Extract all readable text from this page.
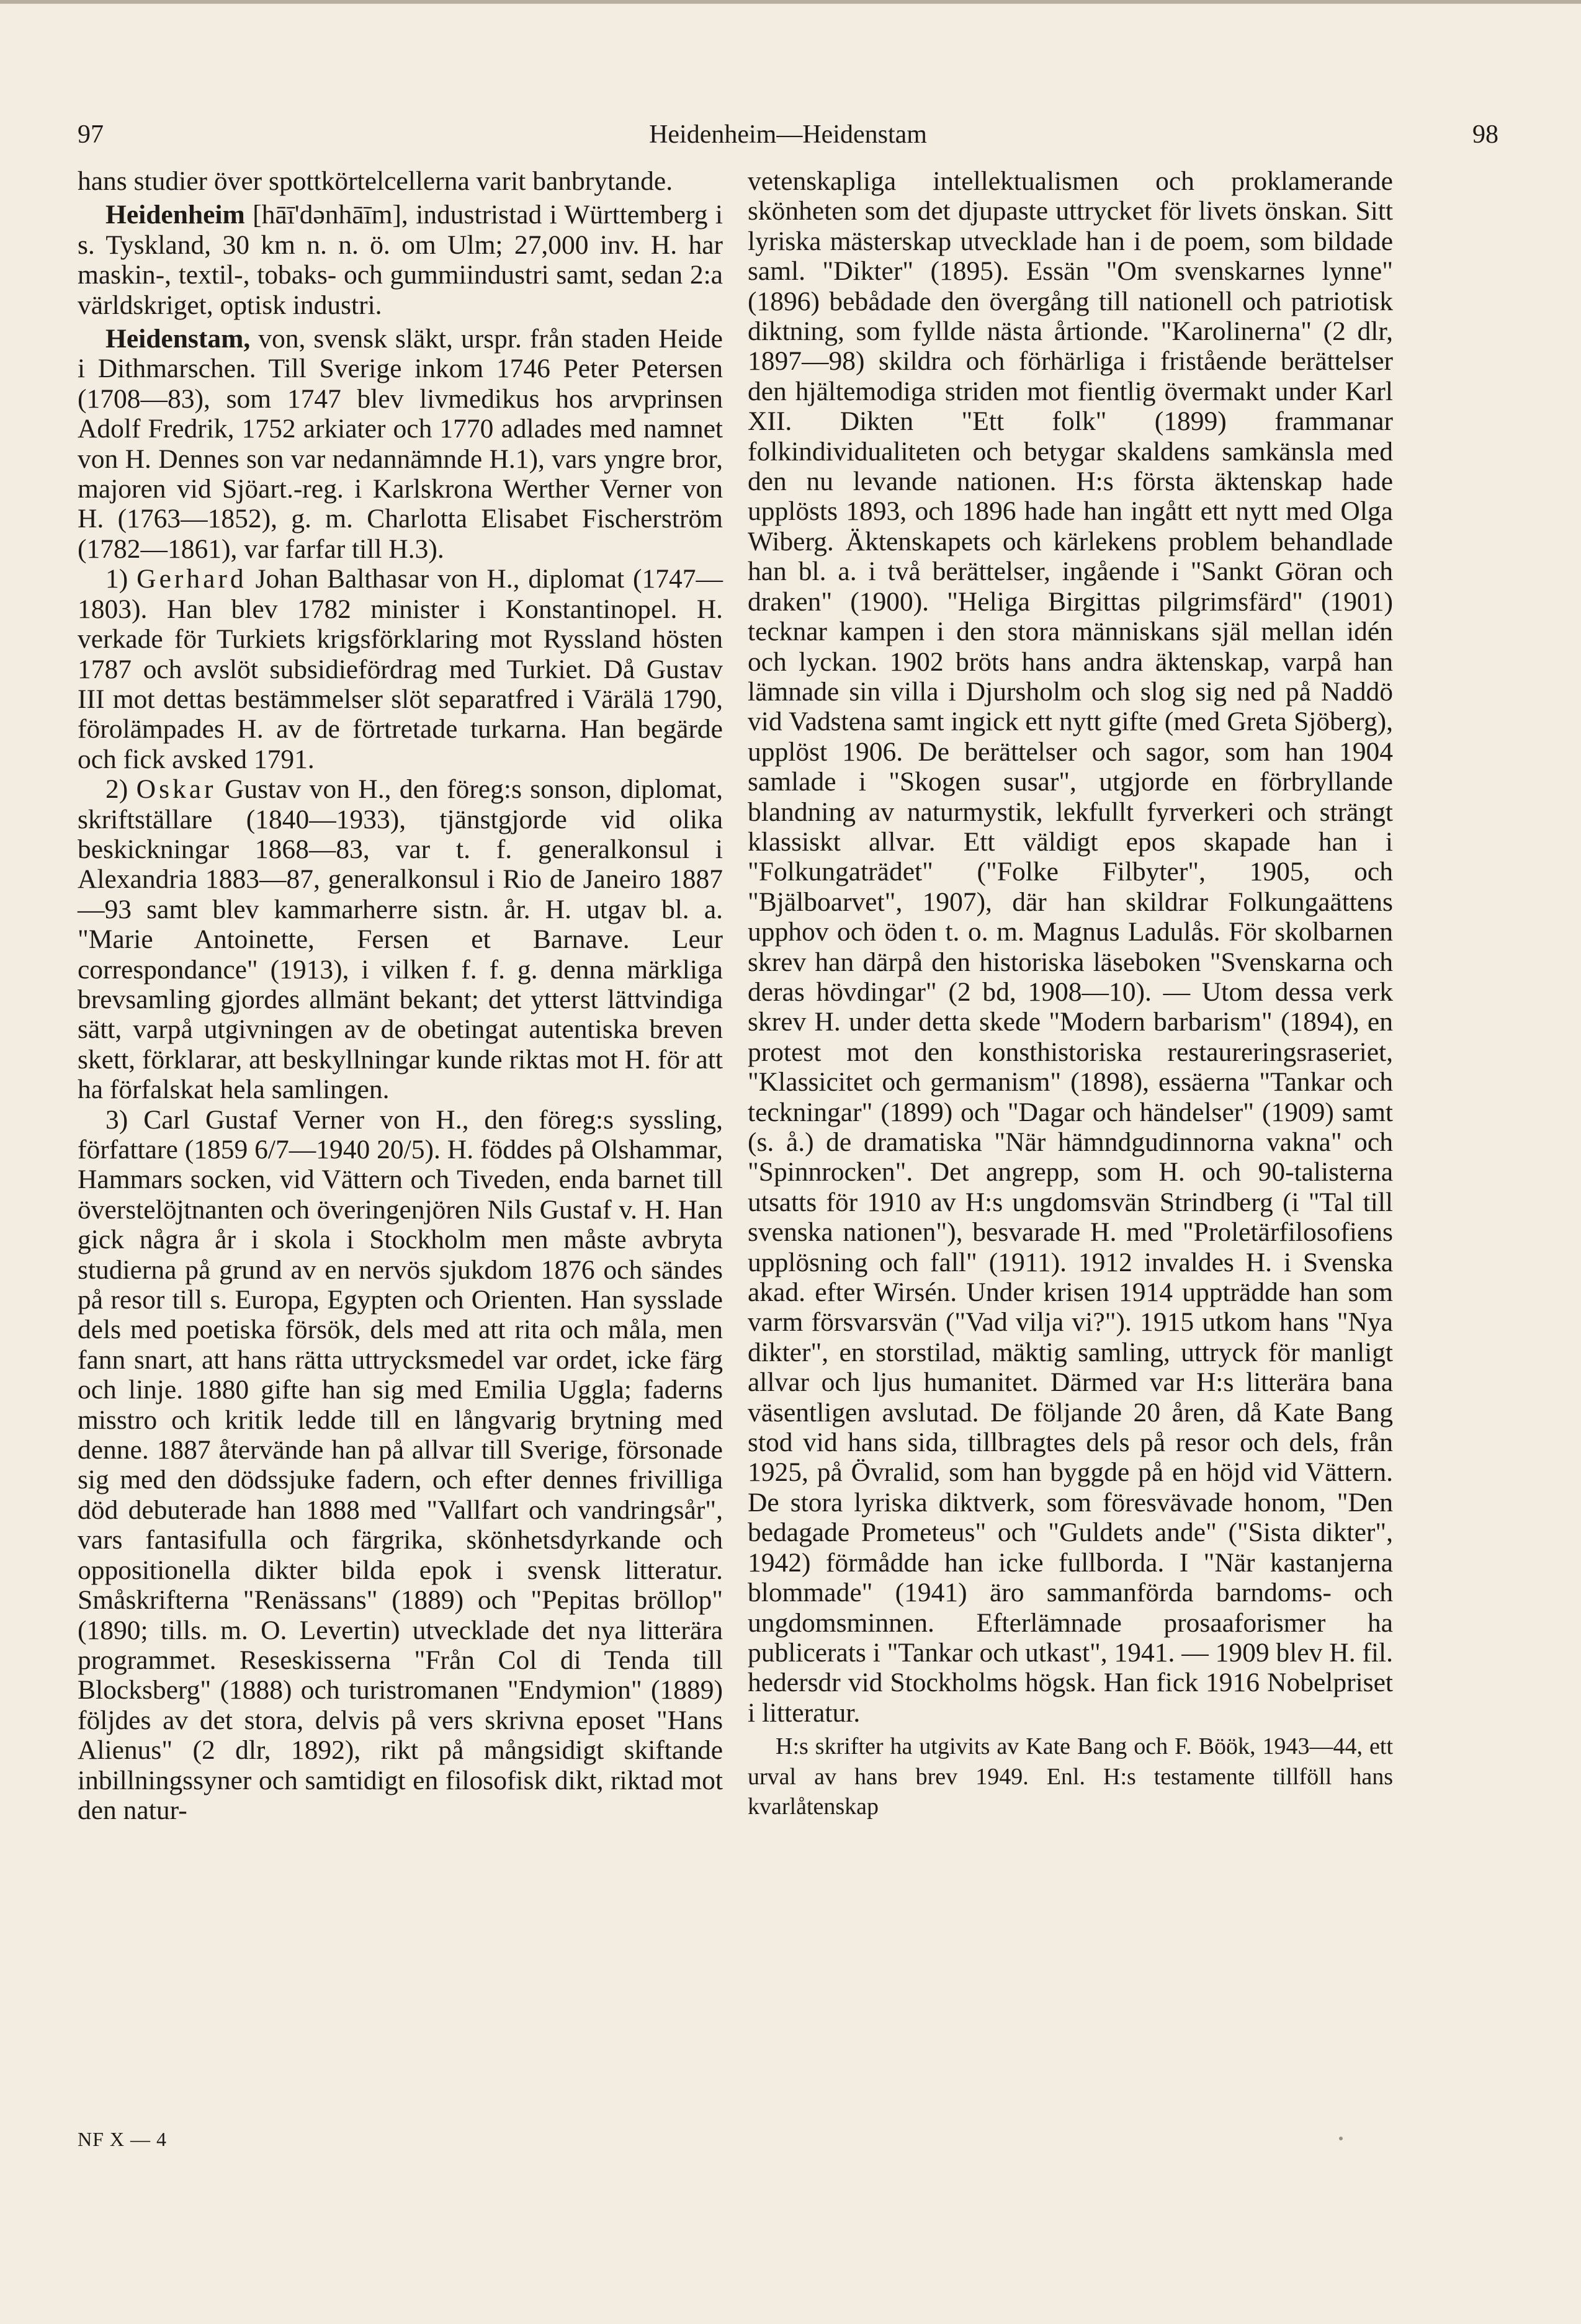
97	Heidenheim—Heidenstam	98

hans studier över spottkörtelcellerna varit banbrytande.

Heidenheim [hāī'dənhāīm], industristad i Württemberg i s. Tyskland, 30 km n. n. ö. om Ulm; 27,000 inv. H. har maskin-, textil-, tobaks- och gummiindustri samt, sedan 2:a världskriget, optisk industri.

Heidenstam, von, svensk släkt, urspr. från staden Heide i Dithmarschen. Till Sverige inkom 1746 Peter Petersen (1708—83), som 1747 blev livmedikus hos arvprinsen Adolf Fredrik, 1752 arkiater och 1770 adlades med namnet von H. Dennes son var nedannämnde H.1), vars yngre bror, majoren vid Sjöart.-reg. i Karlskrona Werther Verner von H. (1763—1852), g. m. Charlotta Elisabet Fischerström (1782—1861), var farfar till H.3).

1) Gerhard Johan Balthasar von H., diplomat (1747—1803). Han blev 1782 minister i Konstantinopel. H. verkade för Turkiets krigsförklaring mot Ryssland hösten 1787 och avslöt subsidiefördrag med Turkiet. Då Gustav III mot dettas bestämmelser slöt separatfred i Värälä 1790, förolämpades H. av de förtretade turkarna. Han begärde och fick avsked 1791.

2) Oskar Gustav von H., den föreg:s sonson, diplomat, skriftställare (1840—1933), tjänstgjorde vid olika beskickningar 1868—83, var t. f. generalkonsul i Alexandria 1883—87, generalkonsul i Rio de Janeiro 1887—93 samt blev kammarherre sistn. år. H. utgav bl. a. "Marie Antoinette, Fersen et Barnave. Leur correspondance" (1913), i vilken f. f. g. denna märkliga brevsamling gjordes allmänt bekant; det ytterst lättvindiga sätt, varpå utgivningen av de obetingat autentiska breven skett, förklarar, att beskyllningar kunde riktas mot H. för att ha förfalskat hela samlingen.

3) Carl Gustaf Verner von H., den föreg:s syssling, författare (1859 6/7—1940 20/5). H. föddes på Olshammar, Hammars socken, vid Vättern och Tiveden, enda barnet till överstelöjtnanten och överingenjören Nils Gustaf v. H. Han gick några år i skola i Stockholm men måste avbryta studierna på grund av en nervös sjukdom 1876 och sändes på resor till s. Europa, Egypten och Orienten. Han sysslade dels med poetiska försök, dels med att rita och måla, men fann snart, att hans rätta uttrycksmedel var ordet, icke färg och linje. 1880 gifte han sig med Emilia Uggla; faderns misstro och kritik ledde till en långvarig brytning med denne. 1887 återvände han på allvar till Sverige, försonade sig med den dödssjuke fadern, och efter dennes frivilliga död debuterade han 1888 med "Vallfart och vandringsår", vars fantasifulla och färgrika, skönhetsdyrkande och oppositionella dikter bilda epok i svensk litteratur. Småskrifterna "Renässans" (1889) och "Pepitas bröllop" (1890; tills. m. O. Levertin) utvecklade det nya litterära programmet. Reseskisserna "Från Col di Tenda till Blocksberg" (1888) och turistromanen "Endymion" (1889) följdes av det stora, delvis på vers skrivna eposet "Hans Alienus" (2 dlr, 1892), rikt på mångsidigt skiftande inbillningssyner och samtidigt en filosofisk dikt, riktad mot den natur-

vetenskapliga intellektualismen och proklamerande skönheten som det djupaste uttrycket för livets önskan. Sitt lyriska mästerskap utvecklade han i de poem, som bildade saml. "Dikter" (1895). Essän "Om svenskarnes lynne" (1896) bebådade den övergång till nationell och patriotisk diktning, som fyllde nästa årtionde. "Karolinerna" (2 dlr, 1897—98) skildra och förhärliga i fristående berättelser den hjältemodiga striden mot fientlig övermakt under Karl XII. Dikten "Ett folk" (1899) frammanar folkindividualiteten och betygar skaldens samkänsla med den nu levande nationen. H:s första äktenskap hade upplösts 1893, och 1896 hade han ingått ett nytt med Olga Wiberg. Äktenskapets och kärlekens problem behandlade han bl. a. i två berättelser, ingående i "Sankt Göran och draken" (1900). "Heliga Birgittas pilgrimsfärd" (1901) tecknar kampen i den stora människans själ mellan idén och lyckan. 1902 bröts hans andra äktenskap, varpå han lämnade sin villa i Djursholm och slog sig ned på Naddö vid Vadstena samt ingick ett nytt gifte (med Greta Sjöberg), upplöst 1906. De berättelser och sagor, som han 1904 samlade i "Skogen susar", utgjorde en förbryllande blandning av naturmystik, lekfullt fyrverkeri och strängt klassiskt allvar. Ett väldigt epos skapade han i "Folkungaträdet" ("Folke Filbyter", 1905, och "Bjälboarvet", 1907), där han skildrar Folkungaättens upphov och öden t. o. m. Magnus Ladulås. För skolbarnen skrev han därpå den historiska läseboken "Svenskarna och deras hövdingar" (2 bd, 1908—10). — Utom dessa verk skrev H. under detta skede "Modern barbarism" (1894), en protest mot den konsthistoriska restaureringsraseriet, "Klassicitet och germanism" (1898), essäerna "Tankar och teckningar" (1899) och "Dagar och händelser" (1909) samt (s. å.) de dramatiska "När hämndgudinnorna vakna" och "Spinnrocken". Det angrepp, som H. och 90-talisterna utsatts för 1910 av H:s ungdomsvän Strindberg (i "Tal till svenska nationen"), besvarade H. med "Proletärfilosofiens upplösning och fall" (1911). 1912 invaldes H. i Svenska akad. efter Wirsén. Under krisen 1914 uppträdde han som varm försvarsvän ("Vad vilja vi?"). 1915 utkom hans "Nya dikter", en storstilad, mäktig samling, uttryck för manligt allvar och ljus humanitet. Därmed var H:s litterära bana väsentligen avslutad. De följande 20 åren, då Kate Bang stod vid hans sida, tillbragtes dels på resor och dels, från 1925, på Övralid, som han byggde på en höjd vid Vättern. De stora lyriska diktverk, som föresvävade honom, "Den bedagade Prometeus" och "Guldets ande" ("Sista dikter", 1942) förmådde han icke fullborda. I "När kastanjerna blommade" (1941) äro sammanförda barndoms- och ungdomsminnen. Efterlämnade prosaaforismer ha publicerats i "Tankar och utkast", 1941. — 1909 blev H. fil. hedersdr vid Stockholms högsk. Han fick 1916 Nobelpriset i litteratur.

H:s skrifter ha utgivits av Kate Bang och F. Böök, 1943—44, ett urval av hans brev 1949. Enl. H:s testamente tillföll hans kvarlåtenskap

NF X — 4
